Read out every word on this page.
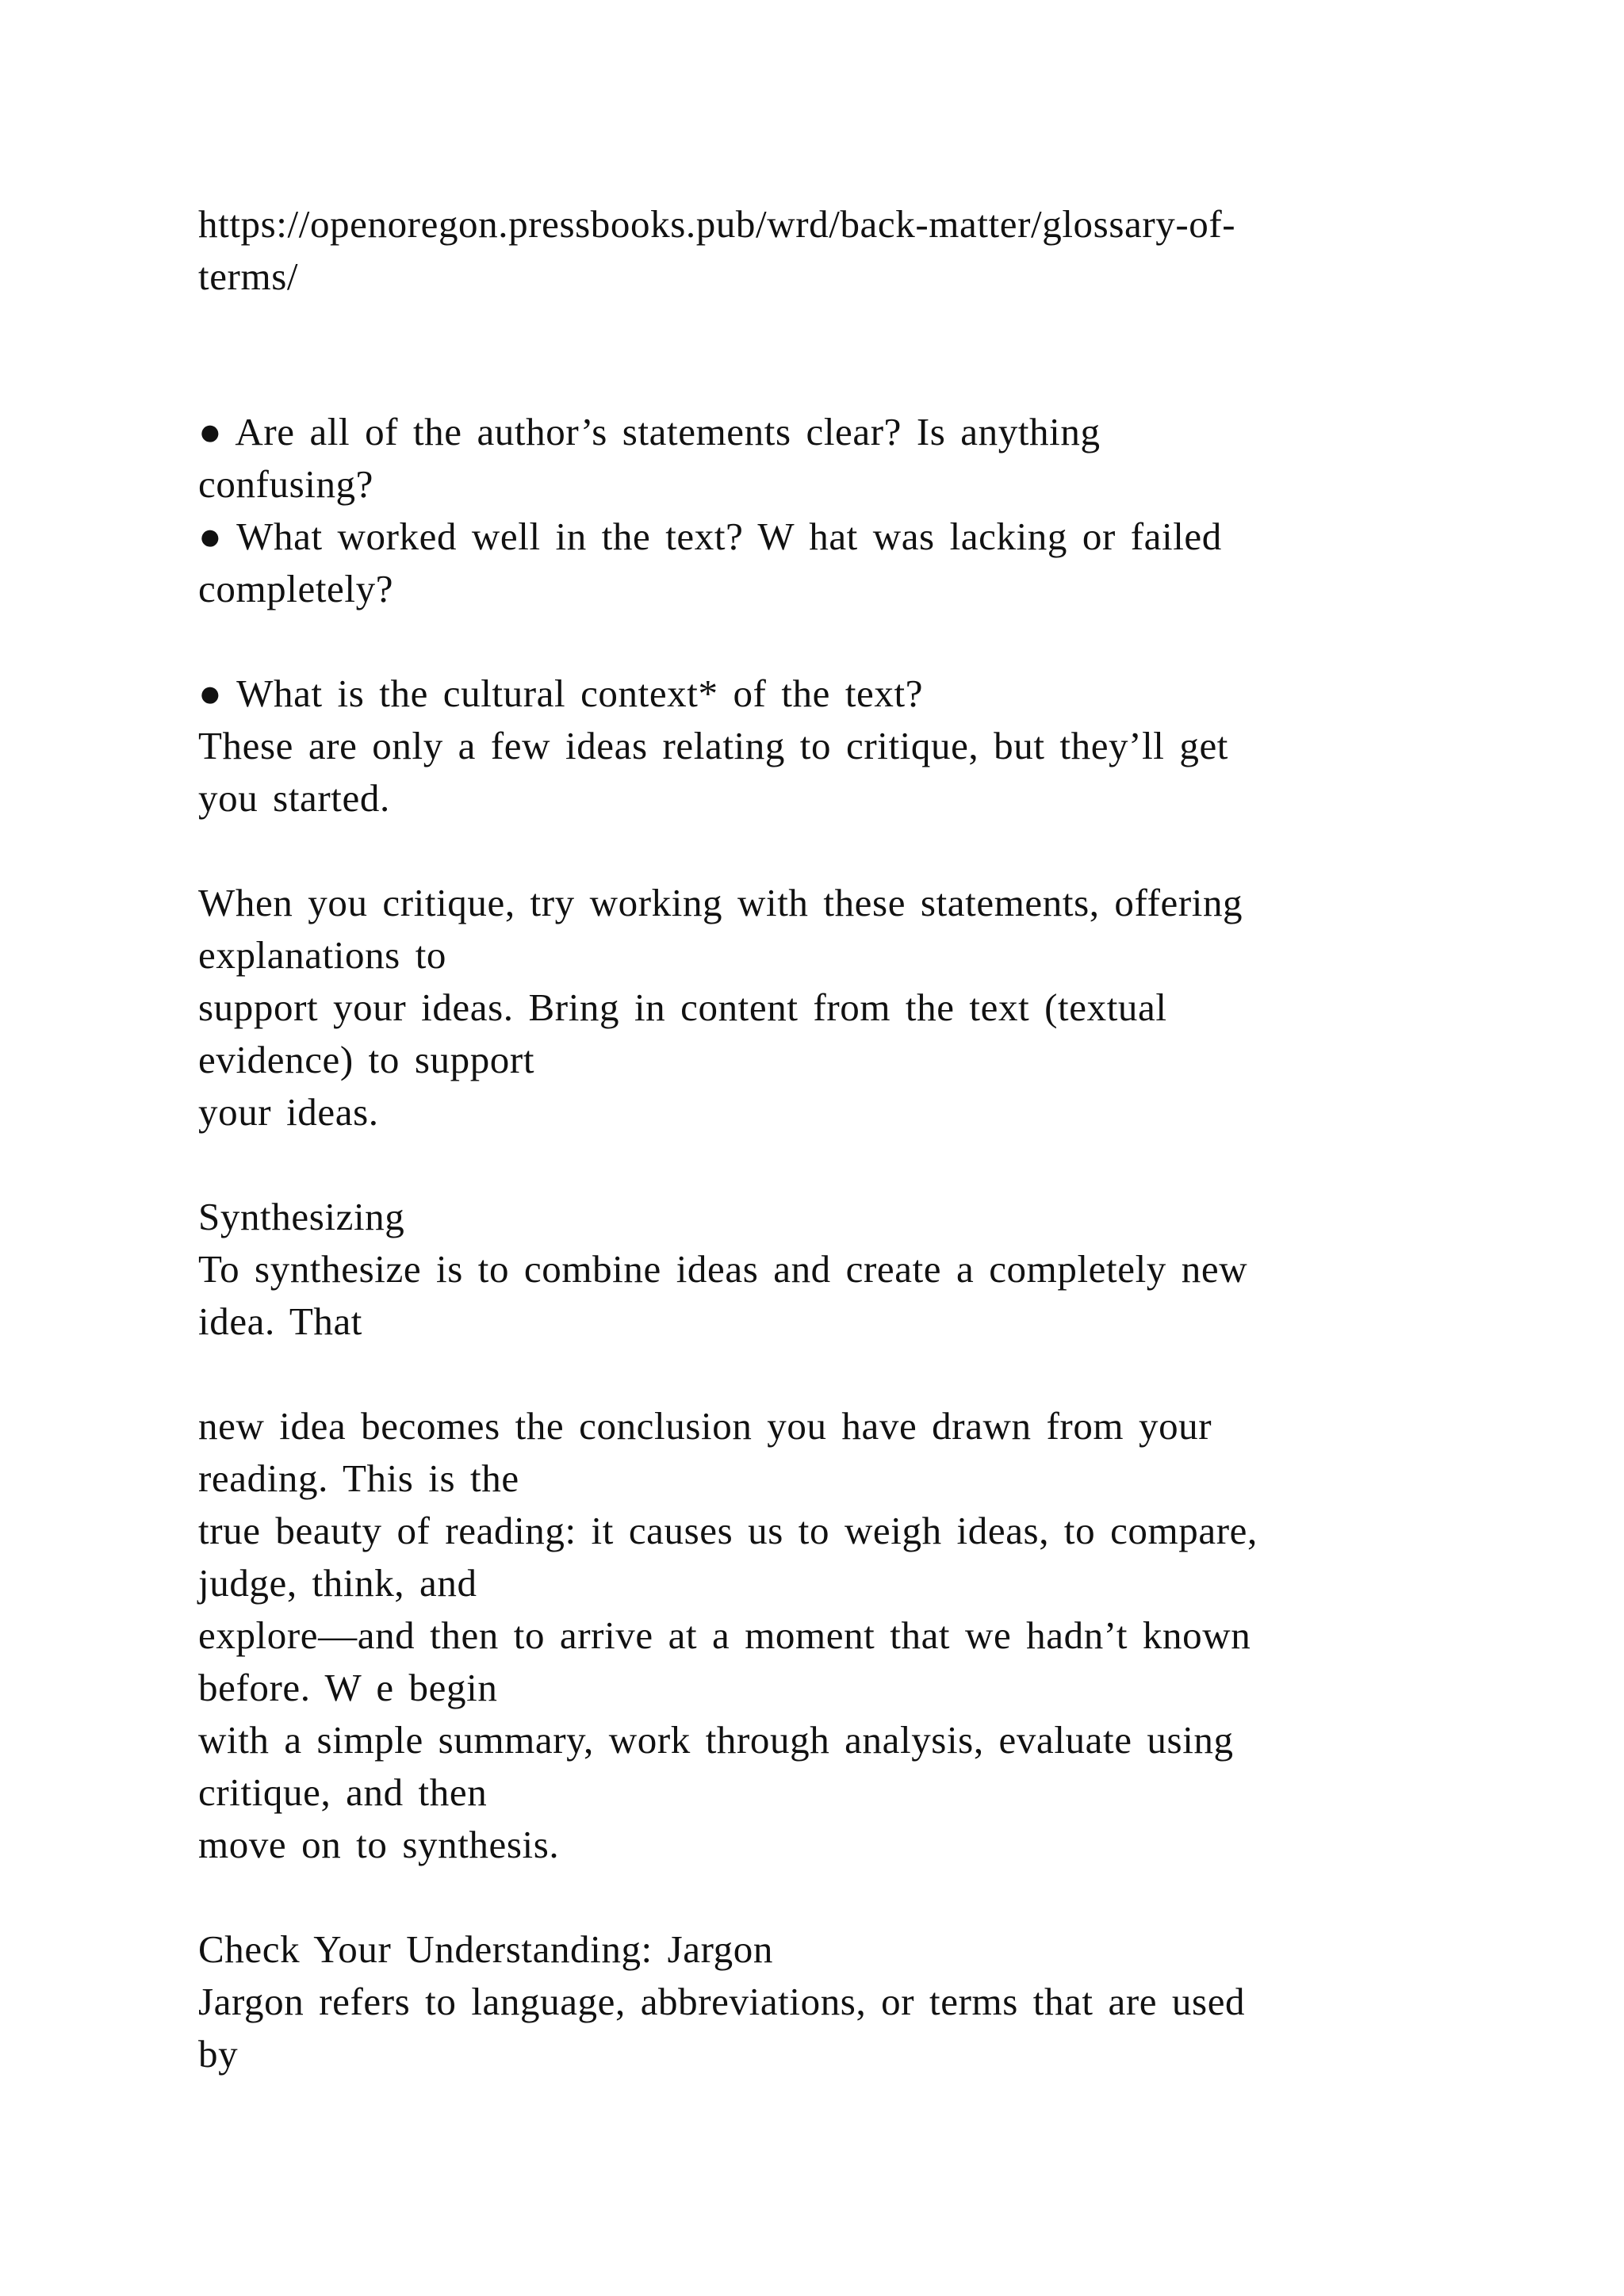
https://openoregon.pressbooks.pub/wrd/back-matter/glossary-of-
terms/
● Are all of the author’s statements clear? Is anything
confusing?
● What worked well in the text? W hat was lacking or failed
completely?
● What is the cultural context* of the text?
These are only a few ideas relating to critique, but they’ll get
you started.
When you critique, try working with these statements, offering
explanations to
support your ideas. Bring in content from the text (textual
evidence) to support
your ideas.
Synthesizing
To synthesize is to combine ideas and create a completely new
idea. That
new idea becomes the conclusion you have drawn from your
reading. This is the
true beauty of reading: it causes us to weigh ideas, to compare,
judge, think, and
explore—and then to arrive at a moment that we hadn’t known
before. W e begin
with a simple summary, work through analysis, evaluate using
critique, and then
move on to synthesis.
Check Your Understanding: Jargon
Jargon refers to language, abbreviations, or terms that are used
by
